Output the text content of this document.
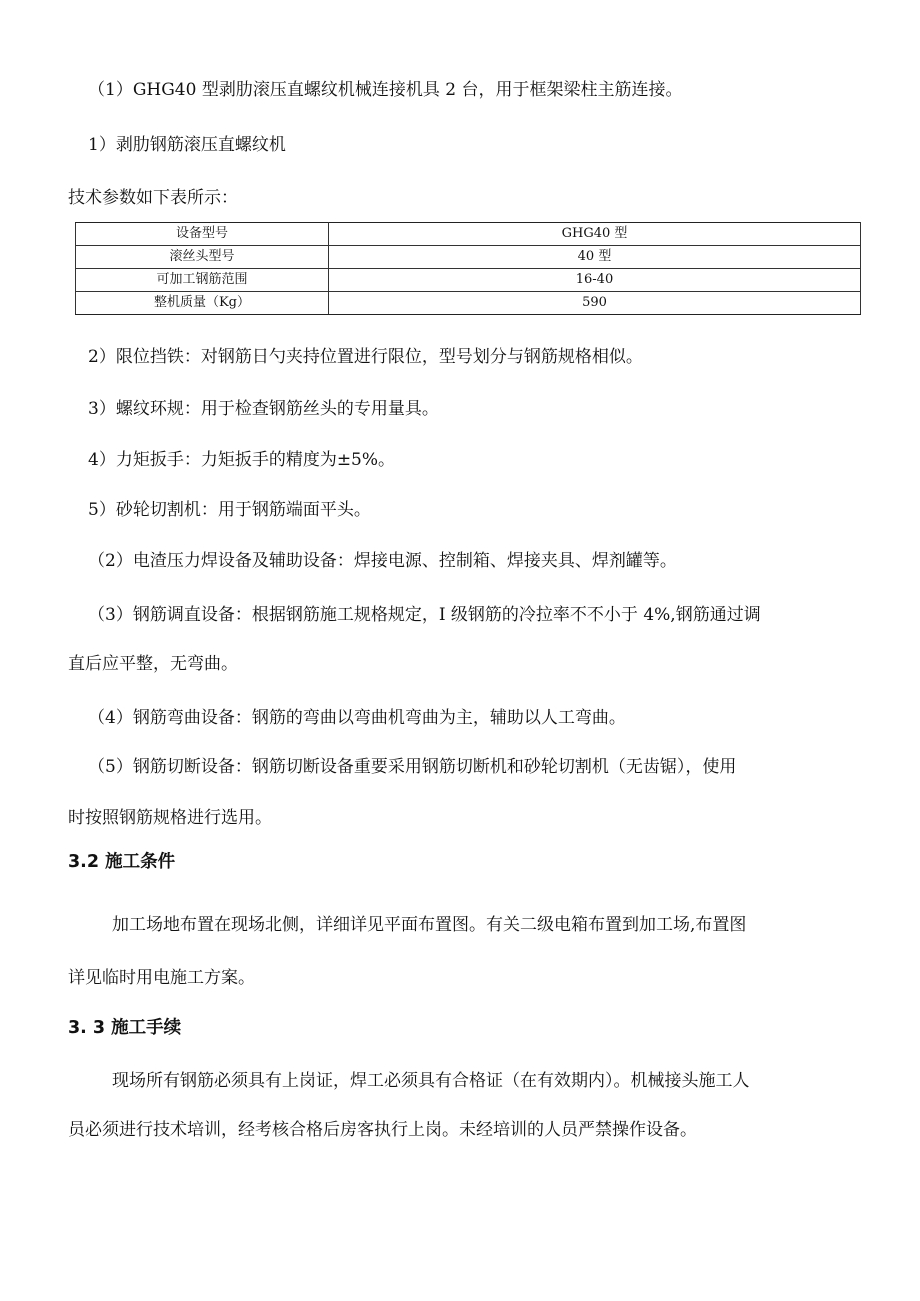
（1）GHG40 型剥肋滚压直螺纹机械连接机具 2 台，用于框架梁柱主筋连接。
1）剥肋钢筋滚压直螺纹机
技术参数如下表所示：
设备型号	GHG40 型
滚丝头型号	40 型
可加工钢筋范围	16-40
整机质量（Kg）	590
2）限位挡铁：对钢筋日勺夹持位置进行限位，型号划分与钢筋规格相似。
3）螺纹环规：用于检查钢筋丝头的专用量具。
4）力矩扳手：力矩扳手的精度为±5%。
5）砂轮切割机：用于钢筋端面平头。
（2）电渣压力焊设备及辅助设备：焊接电源、控制箱、焊接夹具、焊剂罐等。
（3）钢筋调直设备：根据钢筋施工规格规定，I 级钢筋的冷拉率不不小于 4%,钢筋通过调
直后应平整，无弯曲。
（4）钢筋弯曲设备：钢筋的弯曲以弯曲机弯曲为主，辅助以人工弯曲。
（5）钢筋切断设备：钢筋切断设备重要采用钢筋切断机和砂轮切割机（无齿锯），使用
时按照钢筋规格进行选用。
3.2 施工条件
加工场地布置在现场北侧，详细详见平面布置图。有关二级电箱布置到加工场,布置图
详见临时用电施工方案。
3. 3 施工手续
现场所有钢筋必须具有上岗证，焊工必须具有合格证（在有效期内）。机械接头施工人
员必须进行技术培训，经考核合格后房客执行上岗。未经培训的人员严禁操作设备。
